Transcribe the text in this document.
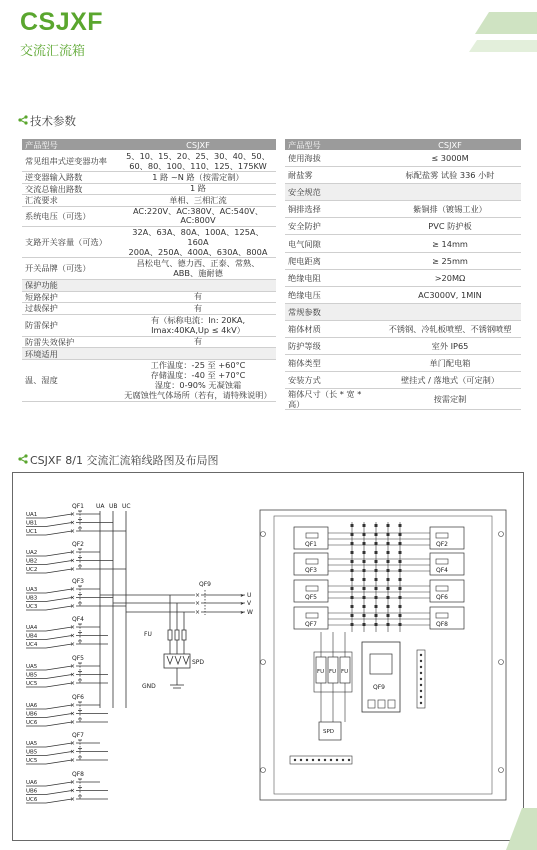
CSJXF
交流汇流箱
技术参数
产品型号	CSJXF
常见组串式逆变器功率	5、10、15、20、25、30、40、50、
60、80、100、110、125、175KW

逆变器输入路数	1 路 ~N 路（按需定制）

交流总输出路数	1 路

汇流要求	单相、三相汇流

系统电压（可选）	AC:220V、AC:380V、AC:540V、AC:800V

支路开关容量（可选）	32A、63A、80A、100A、125A、160A
200A、250A、400A、630A、800A

开关品牌（可选）	昌松电气、德力西、正泰、常熟、
ABB、施耐德

保护功能	
短路保护	有

过载保护	有

防雷保护	有（标称电流：In: 20KA,
Imax:40KA,Up ≤ 4kV）

防雷失效保护	有

环境适用	
温、湿度	工作温度：-25 至 +60°C
存储温度：-40 至 +70°C
湿度：0-90% 无凝蚀霜
无腐蚀性气体场所（若有，请特殊说明）
产品型号	CSJXF
使用海拔	≤ 3000M
耐盐雾	标配盐雾 试验 336 小时
安全规范	
铜排选择	紫铜排（镀锡工业）
安全防护	PVC 防护板
电气间隙	≥ 14mm
爬电距离	≥ 25mm
绝缘电阻	>20MΩ
绝缘电压	AC3000V, 1MIN
常规参数	
箱体材质	不锈钢、冷轧板喷塑、不锈钢喷塑
防护等级	室外 IP65
箱体类型	单门配电箱
安装方式	壁挂式 / 落地式（可定制）
箱体尺寸（长 * 宽 * 高）	按需定制
CSJXF 8/1 交流汇流箱线路图及布局图
UA UB UC
QF1
UA1	×
UB1	×
UC1	×
QF2
UA2	×
UB2	×
UC2	×
QF3
UA3	×
UB3	×
UC3	×
QF4
UA4	×
UB4	×
UC4	×
QF5
UA5	×
UB5	×
UC5	×
QF6
UA6	×
UB6	×
UC6	×
QF7
UA5	×
UB5	×
UC5	×
QF8
UA6	×
UB6	×
UC6	×
×	➤ U
×	➤ V
×	➤ W
QF9
FU
SPD
GND
QF1	QF2
QF3	QF4
QF5	QF6
QF7	QF8
FU FU FU
QF9
SPD
